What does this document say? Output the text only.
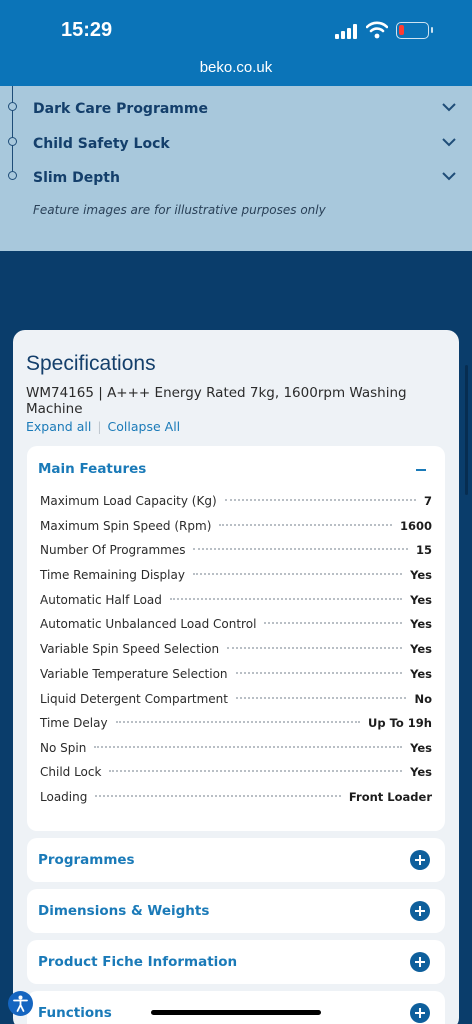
15:29
beko.co.uk
Dark Care Programme
Child Safety Lock
Slim Depth
Feature images are for illustrative purposes only
Specifications
WM74165 | A+++ Energy Rated 7kg, 1600rpm Washing Machine
Expand all | Collapse All
Main Features
Maximum Load Capacity (Kg)	7
Maximum Spin Speed (Rpm)	1600
Number Of Programmes	15
Time Remaining Display	Yes
Automatic Half Load	Yes
Automatic Unbalanced Load Control	Yes
Variable Spin Speed Selection	Yes
Variable Temperature Selection	Yes
Liquid Detergent Compartment	No
Time Delay	Up To 19h
No Spin	Yes
Child Lock	Yes
Loading	Front Loader
Programmes
Dimensions & Weights
Product Fiche Information
Functions
